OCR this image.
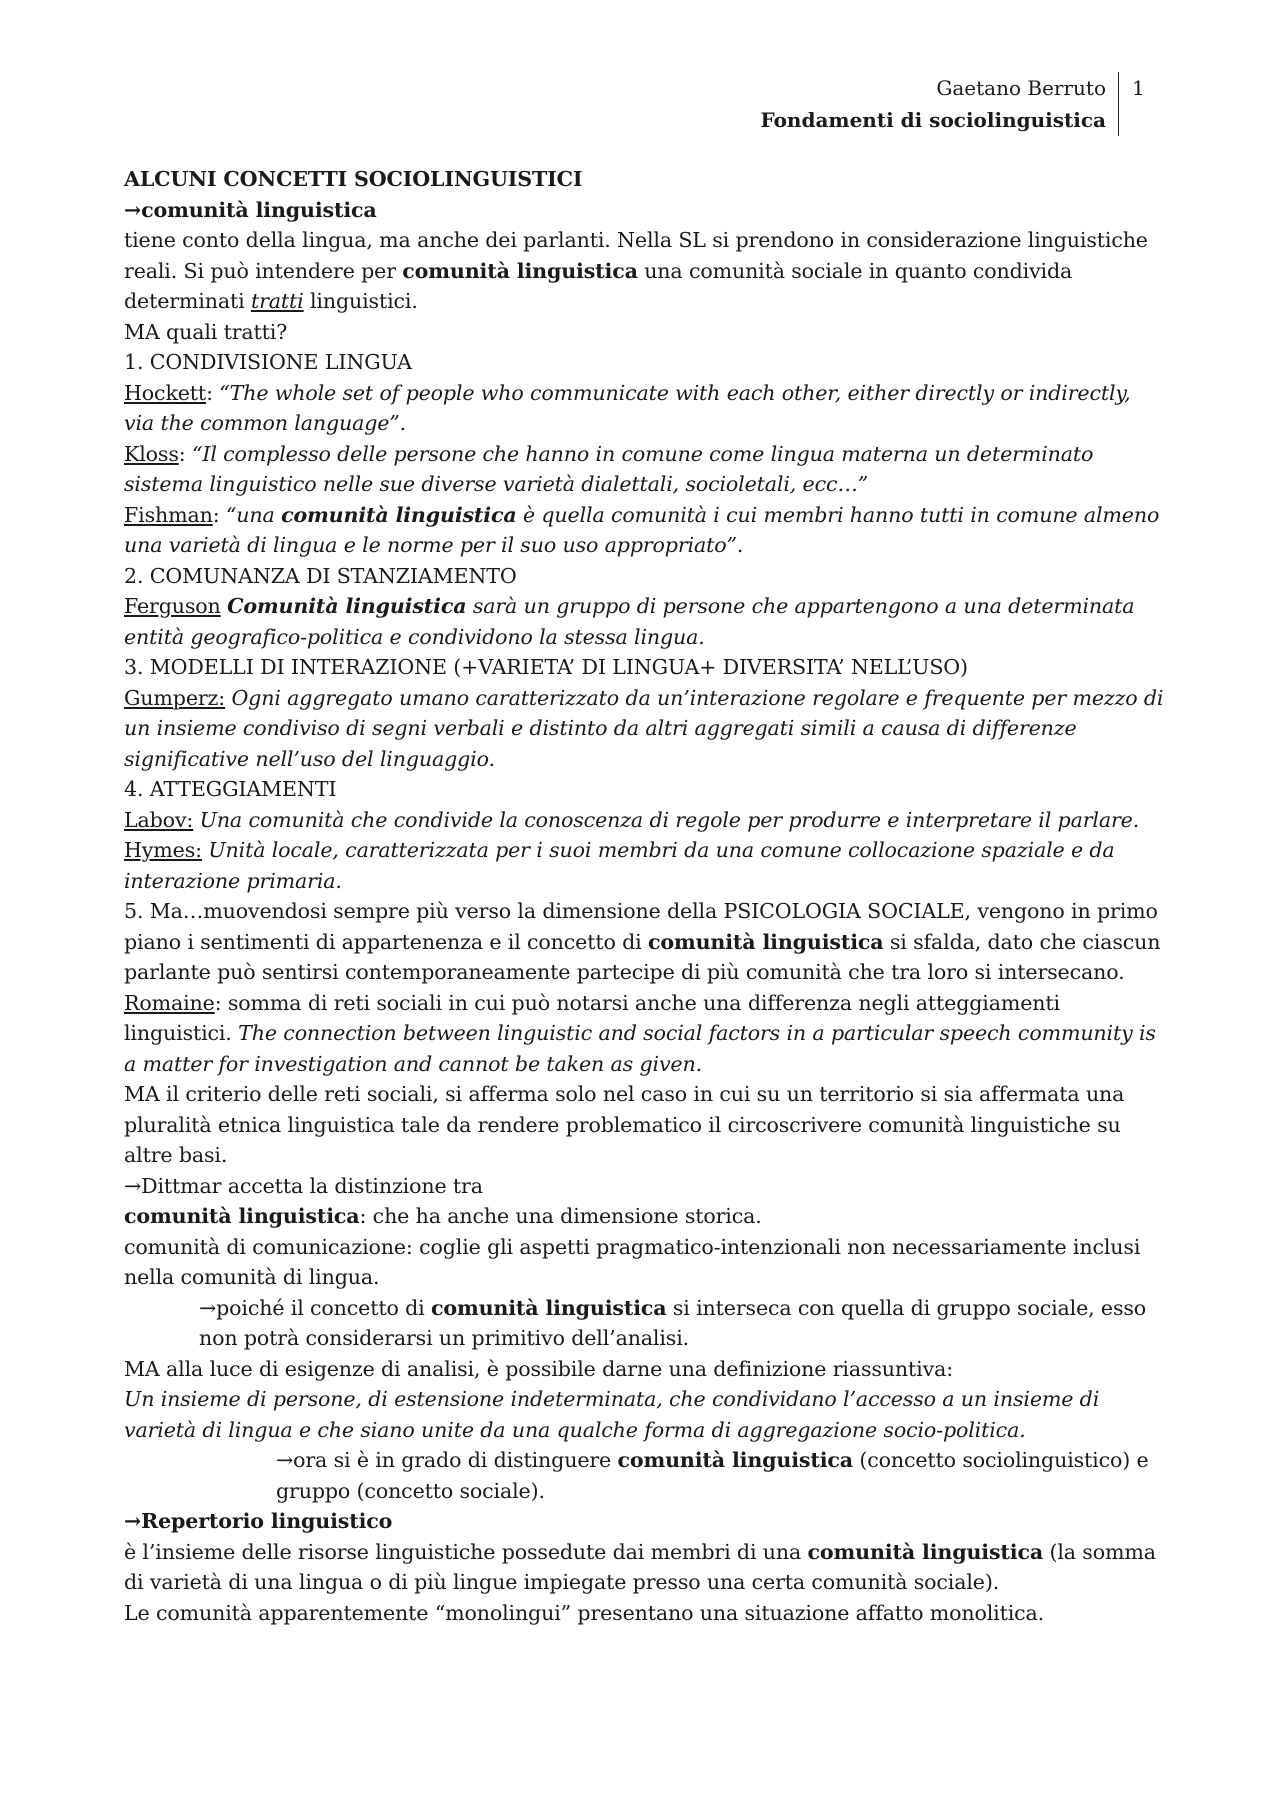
Gaetano Berruto
Fondamenti di sociolinguistica
1

ALCUNI CONCETTI SOCIOLINGUISTICI

→comunità linguistica

tiene conto della lingua, ma anche dei parlanti. Nella SL si prendono in considerazione linguistiche reali. Si può intendere per comunità linguistica una comunità sociale in quanto condivida determinati tratti linguistici.

MA quali tratti?

1. CONDIVISIONE LINGUA

Hockett: “The whole set of people who communicate with each other, either directly or indirectly, via the common language”.

Kloss: “Il complesso delle persone che hanno in comune come lingua materna un determinato sistema linguistico nelle sue diverse varietà dialettali, socioletali, ecc…”

Fishman: “una comunità linguistica è quella comunità i cui membri hanno tutti in comune almeno una varietà di lingua e le norme per il suo uso appropriato”.

2. COMUNANZA DI STANZIAMENTO

Ferguson Comunità linguistica sarà un gruppo di persone che appartengono a una determinata entità geografico-politica e condividono la stessa lingua.

3. MODELLI DI INTERAZIONE (+VARIETA’ DI LINGUA+ DIVERSITA’ NELL’USO)

Gumperz: Ogni aggregato umano caratterizzato da un’interazione regolare e frequente per mezzo di un insieme condiviso di segni verbali e distinto da altri aggregati simili a causa di differenze significative nell’uso del linguaggio.

4. ATTEGGIAMENTI

Labov: Una comunità che condivide la conoscenza di regole per produrre e interpretare il parlare.

Hymes: Unità locale, caratterizzata per i suoi membri da una comune collocazione spaziale e da interazione primaria.

5. Ma…muovendosi sempre più verso la dimensione della PSICOLOGIA SOCIALE, vengono in primo piano i sentimenti di appartenenza e il concetto di comunità linguistica si sfalda, dato che ciascun parlante può sentirsi contemporaneamente partecipe di più comunità che tra loro si intersecano.

Romaine: somma di reti sociali in cui può notarsi anche una differenza negli atteggiamenti linguistici. The connection between linguistic and social factors in a particular speech community is a matter for investigation and cannot be taken as given.

MA il criterio delle reti sociali, si afferma solo nel caso in cui su un territorio si sia affermata una pluralità etnica linguistica tale da rendere problematico il circoscrivere comunità linguistiche su altre basi.

→Dittmar accetta la distinzione tra

comunità linguistica: che ha anche una dimensione storica.

comunità di comunicazione: coglie gli aspetti pragmatico-intenzionali non necessariamente inclusi nella comunità di lingua.

→poiché il concetto di comunità linguistica si interseca con quella di gruppo sociale, esso non potrà considerarsi un primitivo dell’analisi.

MA alla luce di esigenze di analisi, è possibile darne una definizione riassuntiva:

Un insieme di persone, di estensione indeterminata, che condividano l’accesso a un insieme di varietà di lingua e che siano unite da una qualche forma di aggregazione socio-politica.

→ora si è in grado di distinguere comunità linguistica (concetto sociolinguistico) e gruppo (concetto sociale).

→Repertorio linguistico

è l’insieme delle risorse linguistiche possedute dai membri di una comunità linguistica (la somma di varietà di una lingua o di più lingue impiegate presso una certa comunità sociale).

Le comunità apparentemente “monolingui” presentano una situazione affatto monolitica.
